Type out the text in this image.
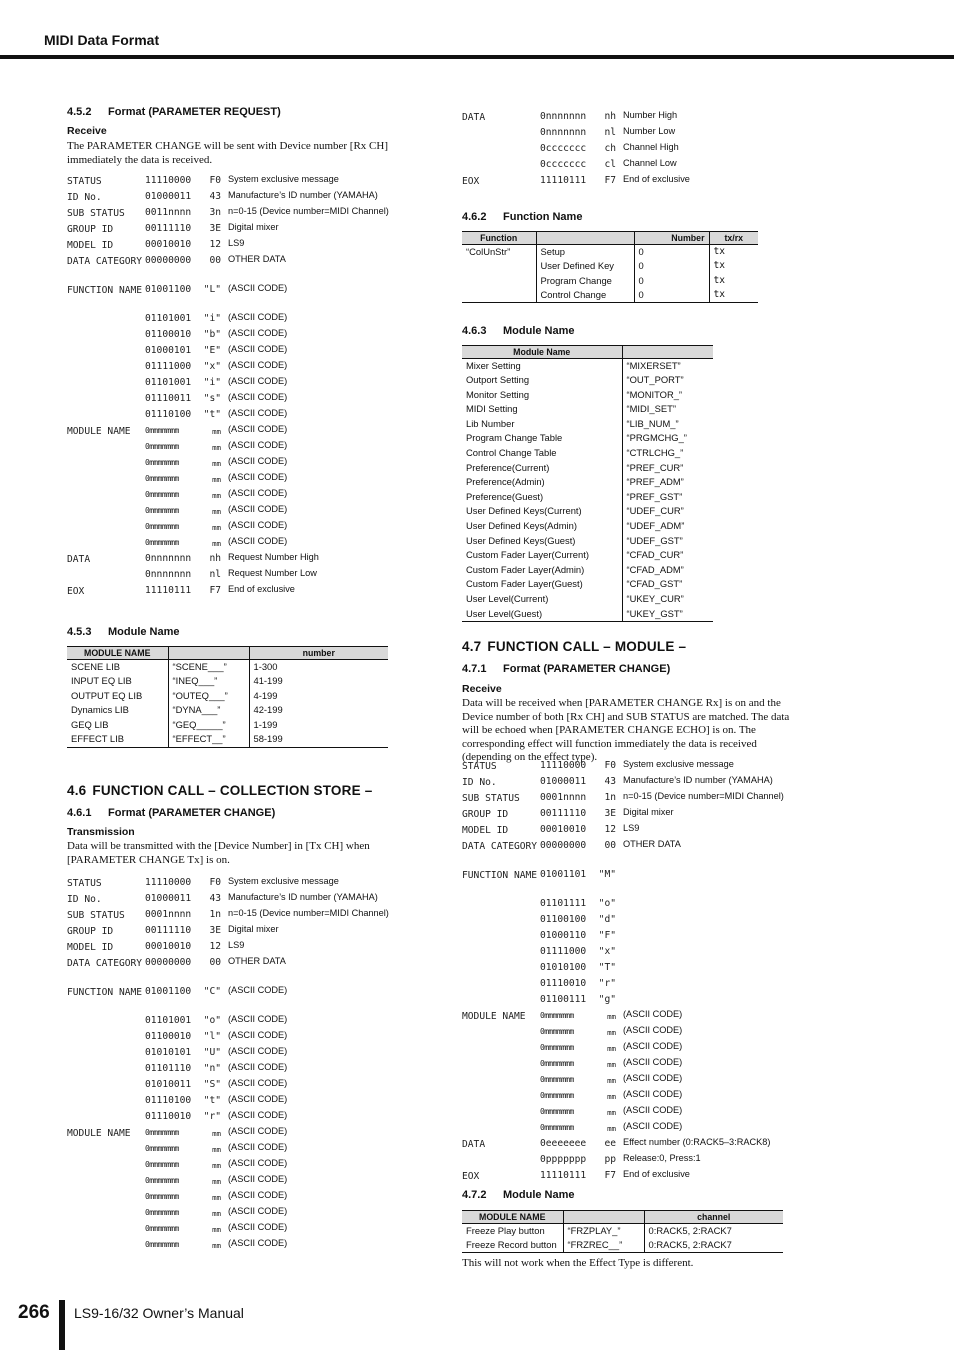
MIDI Data Format
4.5.2 Format (PARAMETER REQUEST)
Receive
The PARAMETER CHANGE will be sent with Device number [Rx CH] immediately the data is received.
STATUS	11110000	F0 System exclusive message
ID No.	01000011	43 Manufacture’s ID number (YAMAHA)
SUB STATUS	0011nnnn	3n n=0-15 (Device number=MIDI Channel)
GROUP ID	00111110	3E Digital mixer
MODEL ID	00010010	12 LS9
DATA CATEGORY 00000000	00 OTHER DATA
FUNCTION NAME 01001100	"L" (ASCII CODE)
01101001	"i" (ASCII CODE)
01100010	"b" (ASCII CODE)
01000101	"E" (ASCII CODE)
01111000	"x" (ASCII CODE)
01101001	"i" (ASCII CODE)
01110011	"s" (ASCII CODE)
01110100	"t" (ASCII CODE)
MODULE NAME	0mmmmmmm	mm (ASCII CODE)
0mmmmmmm	mm (ASCII CODE)
0mmmmmmm	mm (ASCII CODE)
0mmmmmmm	mm (ASCII CODE)
0mmmmmmm	mm (ASCII CODE)
0mmmmmmm	mm (ASCII CODE)
0mmmmmmm	mm (ASCII CODE)
0mmmmmmm	mm (ASCII CODE)
DATA	0nnnnnnn	nh Request Number High
0nnnnnnn	nl Request Number Low
EOX	11110111	F7 End of exclusive
4.5.3 Module Name
MODULE NAME		number
SCENE LIB	“SCENE___”	1-300
INPUT EQ LIB	“INEQ___”	41-199
OUTPUT EQ LIB	“OUTEQ___”	4-199
Dynamics LIB	“DYNA___”	42-199
GEQ LIB	“GEQ_____”	1-199
EFFECT LIB	“EFFECT__”	58-199
4.6 FUNCTION CALL – COLLECTION STORE –
4.6.1 Format (PARAMETER CHANGE)
Transmission
Data will be transmitted with the [Device Number] in [Tx CH] when [PARAMETER CHANGE Tx] is on.
STATUS	11110000	F0 System exclusive message
ID No.	01000011	43 Manufacture’s ID number (YAMAHA)
SUB STATUS	0001nnnn	1n n=0-15 (Device number=MIDI Channel)
GROUP ID	00111110	3E Digital mixer
MODEL ID	00010010	12 LS9
DATA CATEGORY 00000000	00 OTHER DATA
FUNCTION NAME 01001100	"C" (ASCII CODE)
01101001	"o" (ASCII CODE)
01100010	"l" (ASCII CODE)
01010101	"U" (ASCII CODE)
01101110	"n" (ASCII CODE)
01010011	"S" (ASCII CODE)
01110100	"t" (ASCII CODE)
01110010	"r" (ASCII CODE)
MODULE NAME	0mmmmmmm	mm (ASCII CODE)
0mmmmmmm	mm (ASCII CODE)
0mmmmmmm	mm (ASCII CODE)
0mmmmmmm	mm (ASCII CODE)
0mmmmmmm	mm (ASCII CODE)
0mmmmmmm	mm (ASCII CODE)
0mmmmmmm	mm (ASCII CODE)
0mmmmmmm	mm (ASCII CODE)
DATA	0nnnnnnn	nh Number High
0nnnnnnn	nl Number Low
0ccccccc	ch Channel High
0ccccccc	cl Channel Low
EOX	11110111	F7 End of exclusive
4.6.2 Function Name
Function		Number	tx/rx
“ColUnStr”	Setup	0	tx
	User Defined Key	0	tx
	Program Change	0	tx
	Control Change	0	tx
4.6.3 Module Name
Module Name	
Mixer Setting	“MIXERSET”
Outport Setting	“OUT_PORT”
Monitor Setting	“MONITOR_”
MIDI Setting	“MIDI_SET”
Lib Number	“LIB_NUM_”
Program Change Table	“PRGMCHG_”
Control Change Table	“CTRLCHG_”
Preference(Current)	“PREF_CUR”
Preference(Admin)	“PREF_ADM”
Preference(Guest)	“PREF_GST”
User Defined Keys(Current)	“UDEF_CUR”
User Defined Keys(Admin)	“UDEF_ADM”
User Defined Keys(Guest)	“UDEF_GST”
Custom Fader Layer(Current)	“CFAD_CUR”
Custom Fader Layer(Admin)	“CFAD_ADM”
Custom Fader Layer(Guest)	“CFAD_GST”
User Level(Current)	“UKEY_CUR”
User Level(Guest)	“UKEY_GST”
4.7 FUNCTION CALL – MODULE –
4.7.1 Format (PARAMETER CHANGE)
Receive
Data will be received when [PARAMETER CHANGE Rx] is on and the Device number of both [Rx CH] and SUB STATUS are matched. The data will be echoed when [PARAMETER CHANGE ECHO] is on. The corresponding effect will function immediately the data is received (depending on the effect type).
STATUS	11110000	F0 System exclusive message
ID No.	01000011	43 Manufacture’s ID number (YAMAHA)
SUB STATUS	0001nnnn	1n n=0-15 (Device number=MIDI Channel)
GROUP ID	00111110	3E Digital mixer
MODEL ID	00010010	12 LS9
DATA CATEGORY 00000000	00 OTHER DATA
FUNCTION NAME 01001101	"M"
01101111	"o"
01100100	"d"
01000110	"F"
01111000	"x"
01010100	"T"
01110010	"r"
01100111	"g"
MODULE NAME	0mmmmmmm	mm (ASCII CODE)
0mmmmmmm	mm (ASCII CODE)
0mmmmmmm	mm (ASCII CODE)
0mmmmmmm	mm (ASCII CODE)
0mmmmmmm	mm (ASCII CODE)
0mmmmmmm	mm (ASCII CODE)
0mmmmmmm	mm (ASCII CODE)
0mmmmmmm	mm (ASCII CODE)
DATA	0eeeeeee	ee Effect number (0:RACK5–3:RACK8)
0ppppppp	pp Release:0, Press:1
EOX	11110111	F7 End of exclusive
4.7.2 Module Name
MODULE NAME		channel
Freeze Play button	“FRZPLAY_”	0:RACK5, 2:RACK7
Freeze Record button	“FRZREC__”	0:RACK5, 2:RACK7
This will not work when the Effect Type is different.
266 LS9-16/32 Owner’s Manual
